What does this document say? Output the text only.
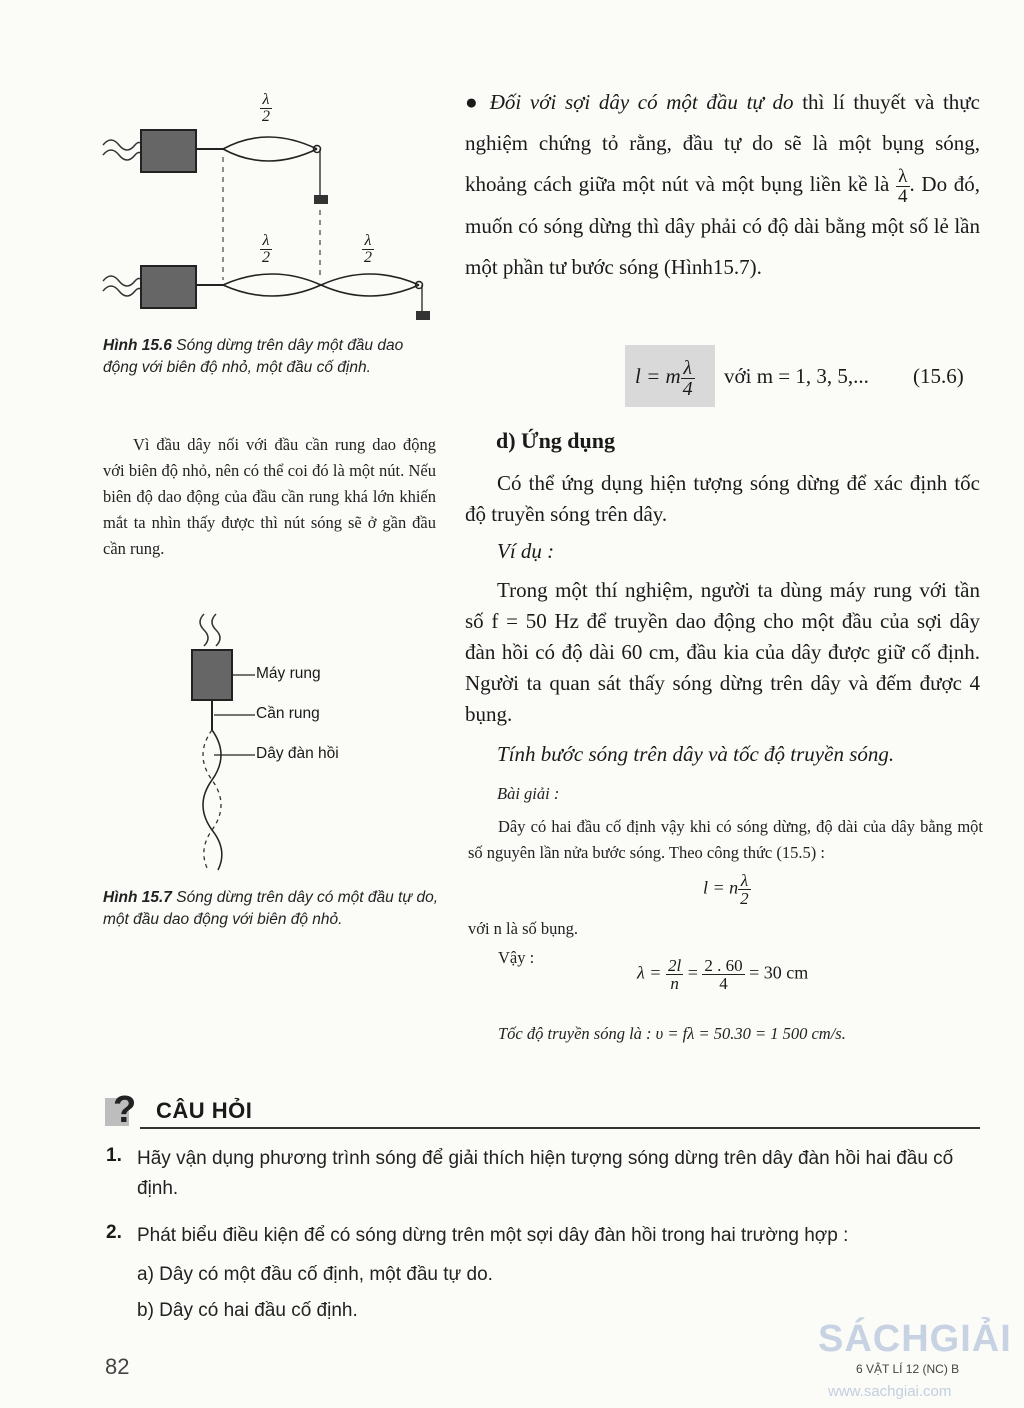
$\frac{\lambda}{2}$
$\frac{\lambda}{2}$	$\frac{\lambda}{2}$
Hình 15.6 Sóng dừng trên dây một đầu dao động với biên độ nhỏ, một đầu cố định.
Vì đầu dây nối với đầu cần rung dao động với biên độ nhỏ, nên có thể coi đó là một nút. Nếu biên độ dao động của đầu cần rung khá lớn khiến mắt ta nhìn thấy được thì nút sóng sẽ ở gần đầu cần rung.
Máy rung
Cần rung
Dây đàn hồi
Hình 15.7 Sóng dừng trên dây có một đầu tự do, một đầu dao động với biên độ nhỏ.
● Đối với sợi dây có một đầu tự do thì lí thuyết và thực nghiệm chứng tỏ rằng, đầu tự do sẽ là một bụng sóng, khoảng cách giữa một nút và một bụng liền kề là $\frac{\lambda}{4}$ . Do đó, muốn có sóng dừng thì dây phải có độ dài bằng một số lẻ lần một phần tư bước sóng (Hình15.7).
l = m $\frac{\lambda}{4}$ với m = 1, 3, 5,... (15.6)
d) Ứng dụng
Có thể ứng dụng hiện tượng sóng dừng để xác định tốc độ truyền sóng trên dây.
Ví dụ :
Trong một thí nghiệm, người ta dùng máy rung với tần số f = 50 Hz để truyền dao động cho một đầu của sợi dây đàn hồi có độ dài 60 cm, đầu kia của dây được giữ cố định. Người ta quan sát thấy sóng dừng trên dây và đếm được 4 bụng.
Tính bước sóng trên dây và tốc độ truyền sóng.
Bài giải :
Dây có hai đầu cố định vậy khi có sóng dừng, độ dài của dây bằng một số nguyên lần nửa bước sóng. Theo công thức (15.5) :
l = n $\frac{\lambda}{2}$
với n là số bụng.
Vậy :
$\lambda = \frac{2l}{n} = \frac{2 . 60}{4} = 30$ cm
Tốc độ truyền sóng là : υ = fλ = 50.30 = 1 500 cm/s.
? CÂU HỎI
1. Hãy vận dụng phương trình sóng để giải thích hiện tượng sóng dừng trên dây đàn hồi hai đầu cố định.
2. Phát biểu điều kiện để có sóng dừng trên một sợi dây đàn hồi trong hai trường hợp :
a) Dây có một đầu cố định, một đầu tự do.
b) Dây có hai đầu cố định.
82
SÁCHGIẢI
6 VẬT LÍ 12 (NC) B
www.sachgiai.com
